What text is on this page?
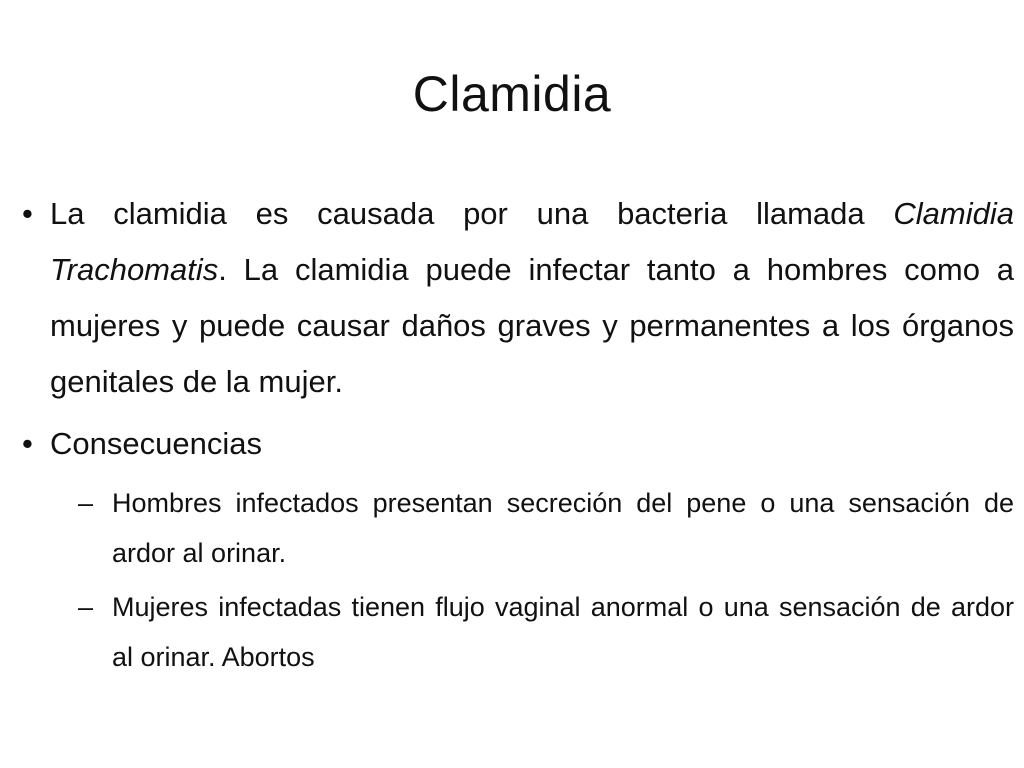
Clamidia
• La clamidia es causada por una bacteria llamada Clamidia Trachomatis. La clamidia puede infectar tanto a hombres como a mujeres y puede causar daños graves y permanentes a los órganos genitales de la mujer.
• Consecuencias
– Hombres infectados presentan secreción del pene o una sensación de ardor al orinar.
– Mujeres infectadas tienen flujo vaginal anormal o una sensación de ardor al orinar. Abortos
